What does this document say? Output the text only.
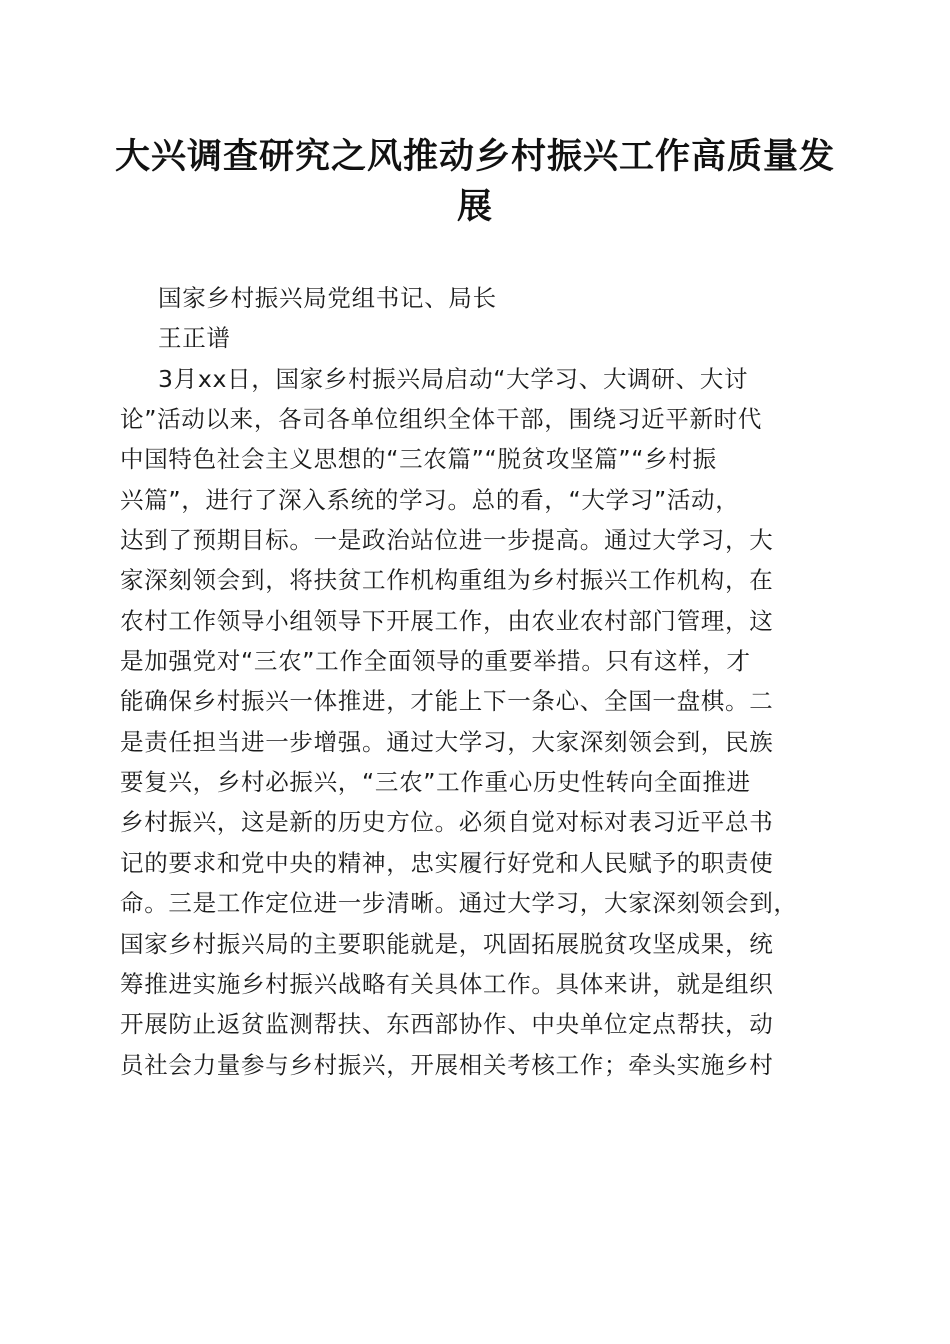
大兴调查研究之风推动乡村振兴工作高质量发展

国家乡村振兴局党组书记、局长

王正谱

3月xx日，国家乡村振兴局启动“大学习、大调研、大讨

论”活动以来，各司各单位组织全体干部，围绕习近平新时代

中国特色社会主义思想的“三农篇”“脱贫攻坚篇”“乡村振

兴篇”，进行了深入系统的学习。总的看，“大学习”活动，

达到了预期目标。一是政治站位进一步提高。通过大学习，大

家深刻领会到，将扶贫工作机构重组为乡村振兴工作机构，在

农村工作领导小组领导下开展工作，由农业农村部门管理，这

是加强党对“三农”工作全面领导的重要举措。只有这样，才

能确保乡村振兴一体推进，才能上下一条心、全国一盘棋。二

是责任担当进一步增强。通过大学习，大家深刻领会到，民族

要复兴，乡村必振兴，“三农”工作重心历史性转向全面推进

乡村振兴，这是新的历史方位。必须自觉对标对表习近平总书

记的要求和党中央的精神，忠实履行好党和人民赋予的职责使

命。三是工作定位进一步清晰。通过大学习，大家深刻领会到，

国家乡村振兴局的主要职能就是，巩固拓展脱贫攻坚成果，统

筹推进实施乡村振兴战略有关具体工作。具体来讲，就是组织

开展防止返贫监测帮扶、东西部协作、中央单位定点帮扶，动

员社会力量参与乡村振兴，开展相关考核工作；牵头实施乡村
